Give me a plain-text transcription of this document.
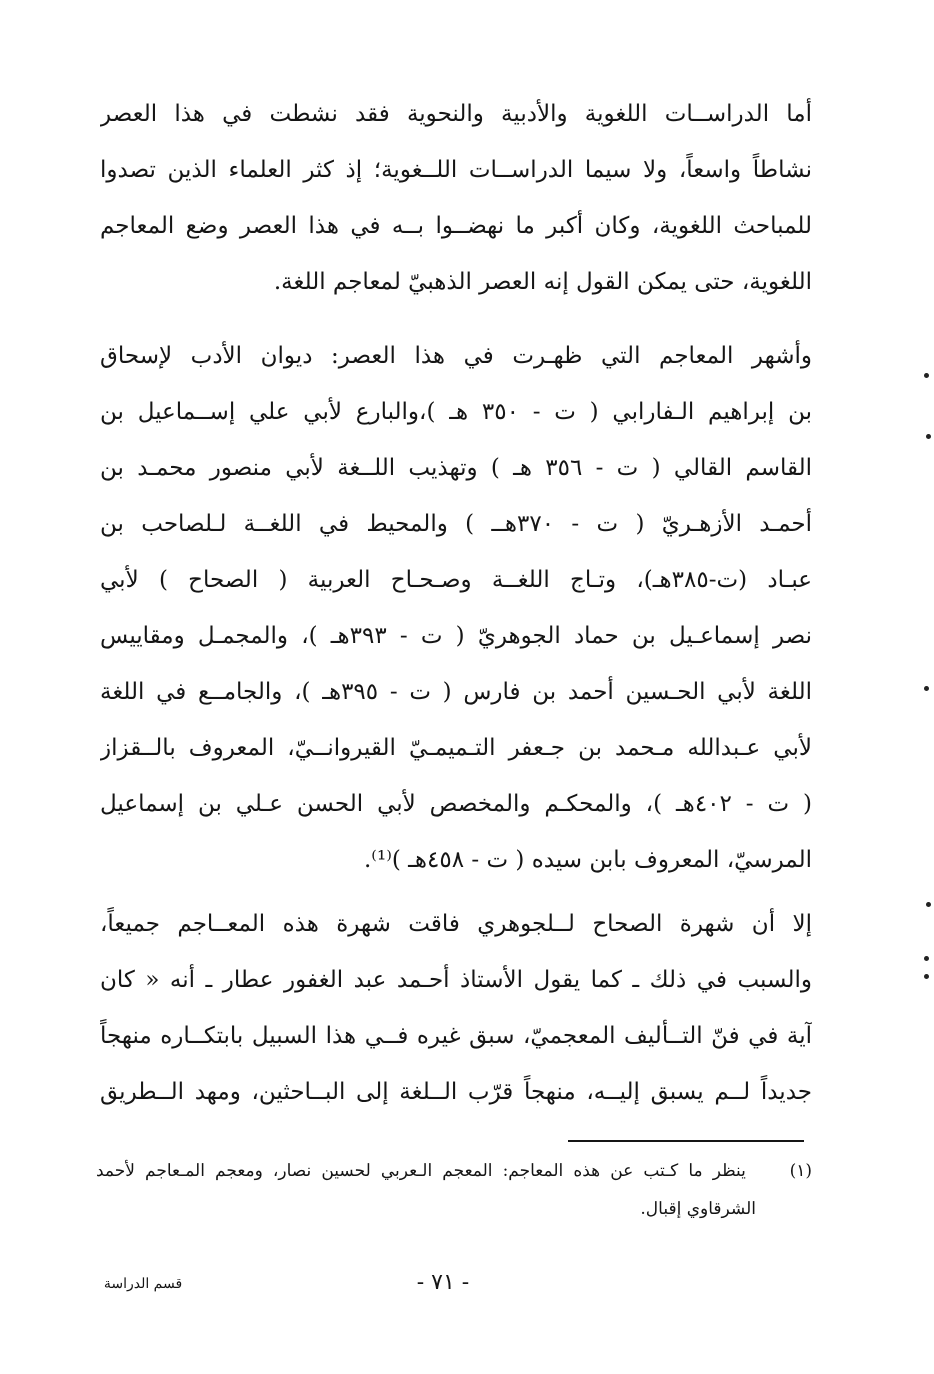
أما الدراســات اللغوية والأدبية والنحوية فقد نشطت في هذا العصر
نشاطاً واسعاً، ولا سيما الدراســات اللــغوية؛ إذ كثر العلماء الذين تصدوا
للمباحث اللغوية، وكان أكبر ما نهضــوا بــه في هذا العصر وضع المعاجم
اللغوية، حتى يمكن القول إنه العصر الذهبيّ لمعاجم اللغة.
وأشهر المعاجم التي ظهـرت في هذا العصر: ديوان الأدب لإسحاق
بن إبراهيم الـفارابي ( ت - ٣٥٠ هـ )،والبارع لأبي علي إســماعيل بن
القاسم القالي ( ت - ٣٥٦ هـ ) وتهذيب اللــغة لأبي منصور محمـد بن
أحمـد الأزهـريّ ( ت - ٣٧٠هــ ) والمحيط في اللغــة لـلصاحب بن
عبـاد (ت-٣٨٥هـ)، وتـاج اللغــة وصـحـاح العربية ( الصحاح ) لأبي
نصر إسماعـيل بن حماد الجوهريّ ( ت - ٣٩٣هـ )، والمجمـل ومقاييس
اللغة لأبي الحـسين أحمد بن فارس ( ت - ٣٩٥هـ )، والجامــع في اللغة
لأبي عـبدالله مـحمد بن جـعفر التـميمـيّ القيروانــيّ، المعروف بالــقزاز
( ت - ٤٠٢هـ )، والمحكـم والمخصص لأبي الحسن عـلي بن إسماعيل
المرسيّ، المعروف بابن سيده ( ت - ٤٥٨هـ )⁽¹⁾.
إلا أن شهرة الصحاح لــلجوهري فاقت شهرة هذه المعــاجم جميعاً،
والسبب في ذلك ـ كما يقول الأستاذ أحـمد عبد الغفور عطار ـ أنه « كان
آية في فنّ التــأليف المعجميّ، سبق غيره فــي هذا السبيل بابتكــاره منهجاً
جديداً لــم يسبق إليــه، منهجاً قرّب الــلغة إلى البــاحثين، ومهد الــطريق
(١) ينظر ما كـتب عن هذه المعاجم: المعجم الـعربي لحسين نصار، ومعجم المـعاجم لأحمد
الشرقاوي إقبال.
- ٧١ -
قسم الدراسة
